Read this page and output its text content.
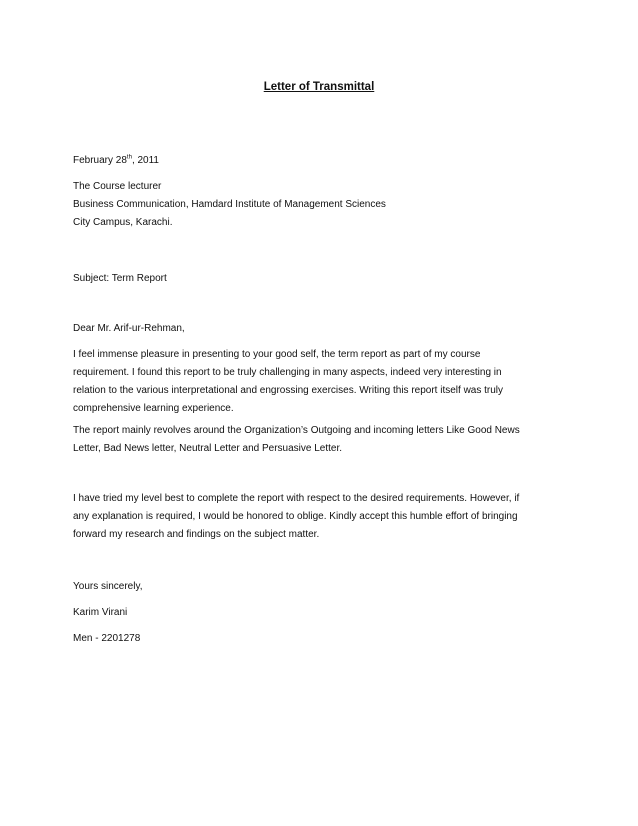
Letter of Transmittal
February 28th, 2011
The Course lecturer
Business Communication, Hamdard Institute of Management Sciences
City Campus, Karachi.
Subject: Term Report
Dear Mr. Arif-ur-Rehman,
I feel immense pleasure in presenting to your good self, the term report as part of my course
requirement. I found this report to be truly challenging in many aspects, indeed very interesting in
relation to the various interpretational and engrossing exercises. Writing this report itself was truly
comprehensive learning experience.
The report mainly revolves around the Organization’s Outgoing and incoming letters Like Good News
Letter, Bad News letter, Neutral Letter and Persuasive Letter.
I have tried my level best to complete the report with respect to the desired requirements. However, if
any explanation is required, I would be honored to oblige. Kindly accept this humble effort of bringing
forward my research and findings on the subject matter.
Yours sincerely,
Karim Virani
Men - 2201278
